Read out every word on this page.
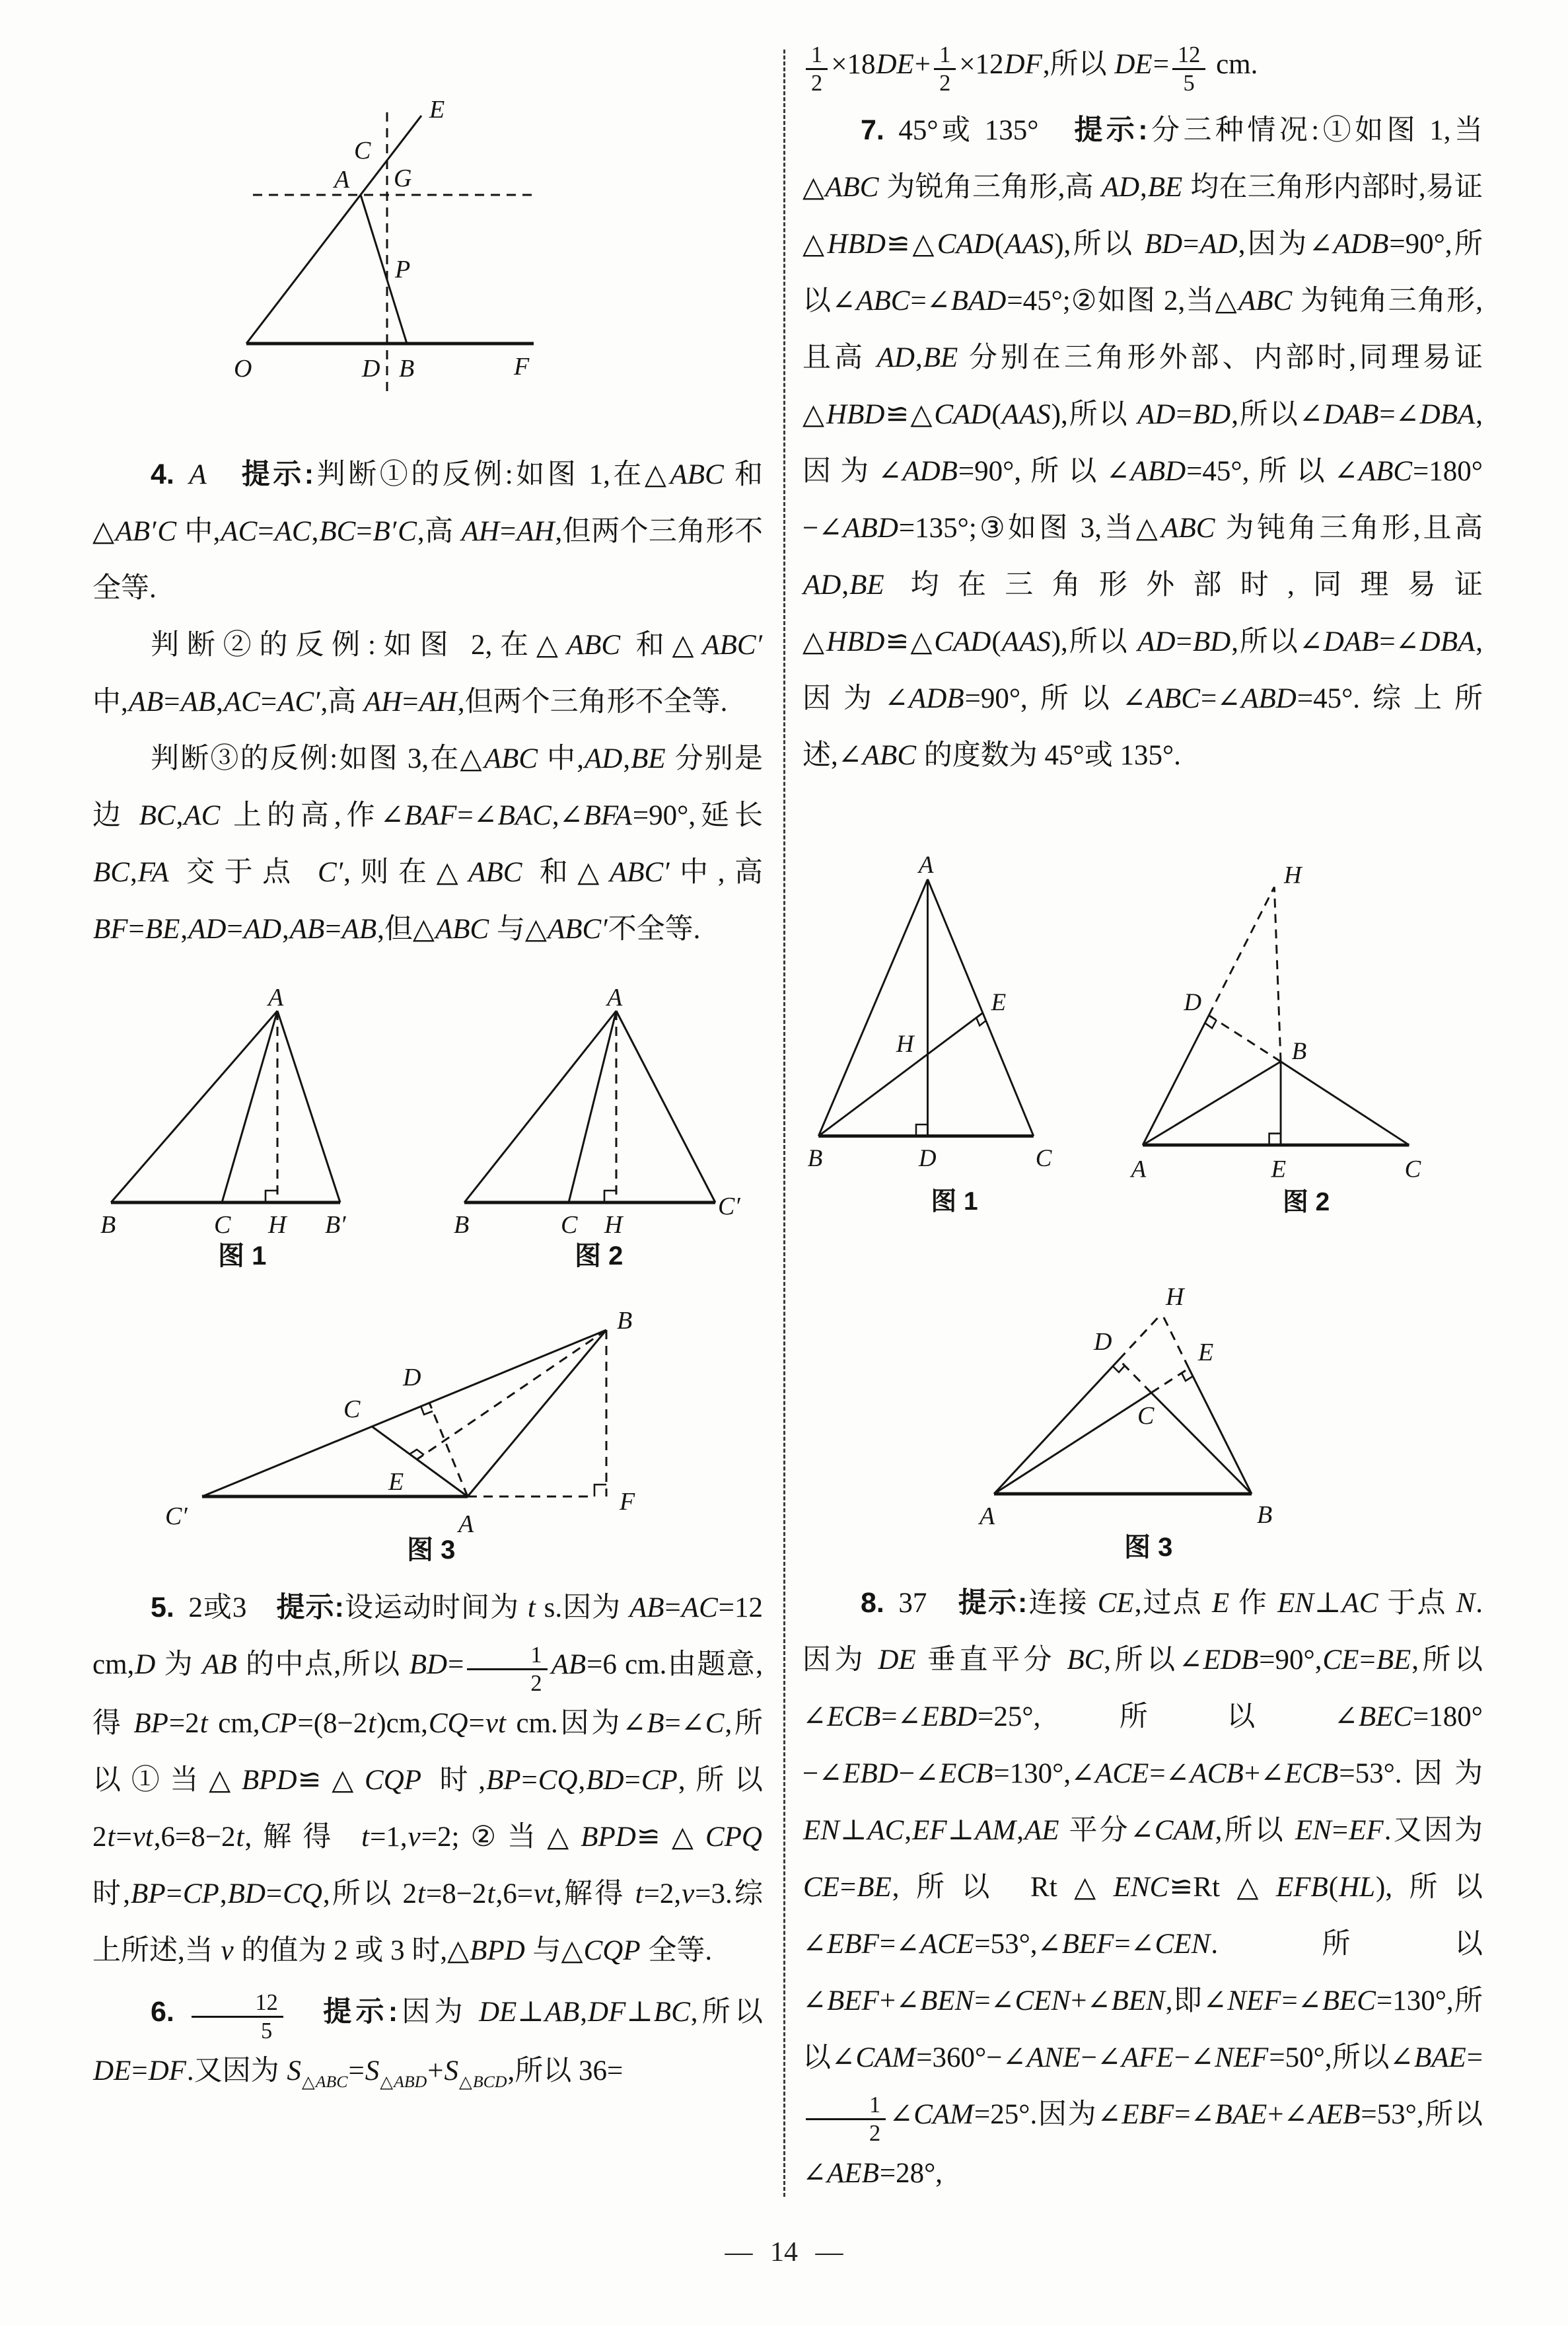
E
C
A G
P
O	D B	F

4.  A　 提示:判断①的反例:如图 1,在△ABC 和△AB′C 中,AC=AC,BC=B′C,高 AH=AH,但两个三角形不全等.

判断②的反例:如图 2,在△ABC 和△ABC′ 中,AB=AB,AC=AC′,高 AH=AH,但两个三角形不全等.

判断③的反例:如图 3,在△ABC 中,AD,BE 分别是边 BC,AC 上的高,作∠BAF=∠BAC,∠BFA=90°,延长 BC,FA 交于点 C′,则在△ABC 和△ABC′中,高 BF=BE,AD=AD,AB=AB,但△ABC 与△ABC′不全等.

A
B	C H B′
图 1
A
B	C H
C′
图 2
B
D
C
E
C′	A
F
图 3

5. 2或3　提示:设运动时间为 t s.因为 AB=AC=12 cm,D 为 AB 的中点,所以 $BD= \frac{1}{2} AB=6$ cm.由题意,得 BP=2t cm,CP=(8−2t)cm,CQ=vt cm.因为∠B=∠C,所以①当△BPD≌△CQP 时,BP=CQ,BD=CP,所以 2t=vt,6=8−2t,解得 t=1,v=2;②当△BPD≌△CPQ 时,BP=CP,BD=CQ,所以 2t=8−2t,6=vt,解得 t=2,v=3.综上所述,当 v 的值为 2 或 3 时,△BPD 与△CQP 全等.

6.  $\frac{12}{5}$
　 提示:因为 DE⊥AB,DF⊥BC,所以 DE=DF.又因为 $S_{\triangle ABC}=S_{\triangle ABD}+S_{\triangle BCD}$,所以 36=

$\frac{1}{2} \times 18DE+ \frac{1}{2} \times 12DF$,所以 $DE= \frac{12}{5}$ cm.

7. 45°或 135°　提示:分三种情况:①如图 1,当△ABC 为锐角三角形,高 AD,BE 均在三角形内部时,易证△HBD≌△CAD(AAS),所以 BD=AD,因为∠ADB=90°,所以∠ABC=∠BAD=45°;②如图 2,当△ABC 为钝角三角形,且高 AD,BE 分别在三角形外部、内部时,同理易证△HBD≌△CAD(AAS),所以 AD=BD,所以∠DAB=∠DBA,因为∠ADB=90°,所以∠ABD=45°,所以∠ABC=180°−∠ABD=135°;③如图 3,当△ABC 为钝角三角形,且高 AD,BE 均在三角形外部时,同理易证△HBD≌△CAD(AAS),所以 AD=BD,所以∠DAB=∠DBA,因为∠ADB=90°,所以∠ABC=∠ABD=45°.综上所述,∠ABC 的度数为 45°或 135°.

A
B	D	C
E
H
图 1
H
D
B
A	E	C
图 2
H
D	E
C
A	B
图 3

8. 37　提示:连接 CE,过点 E 作 EN⊥AC 于点 N.因为 DE 垂直平分 BC,所以∠EDB=90°,CE=BE,所以∠ECB=∠EBD=25°,所以∠BEC=180°−∠EBD−∠ECB=130°,∠ACE=∠ACB+∠ECB=53°.因为 EN⊥AC,EF⊥AM,AE 平分∠CAM,所以 EN=EF.又因为 CE=BE,所以 Rt△ENC≌Rt△EFB(HL),所以∠EBF=∠ACE=53°,∠BEF=∠CEN.所以∠BEF+∠BEN=∠CEN+∠BEN,即∠NEF=∠BEC=130°,所以∠CAM=360°−∠ANE−∠AFE−∠NEF=50°,所以∠BAE=
$\frac{1}{2}$ ∠CAM=25°.因为∠EBF=∠BAE+∠AEB=53°,所以∠AEB=28°,

— 14 —
